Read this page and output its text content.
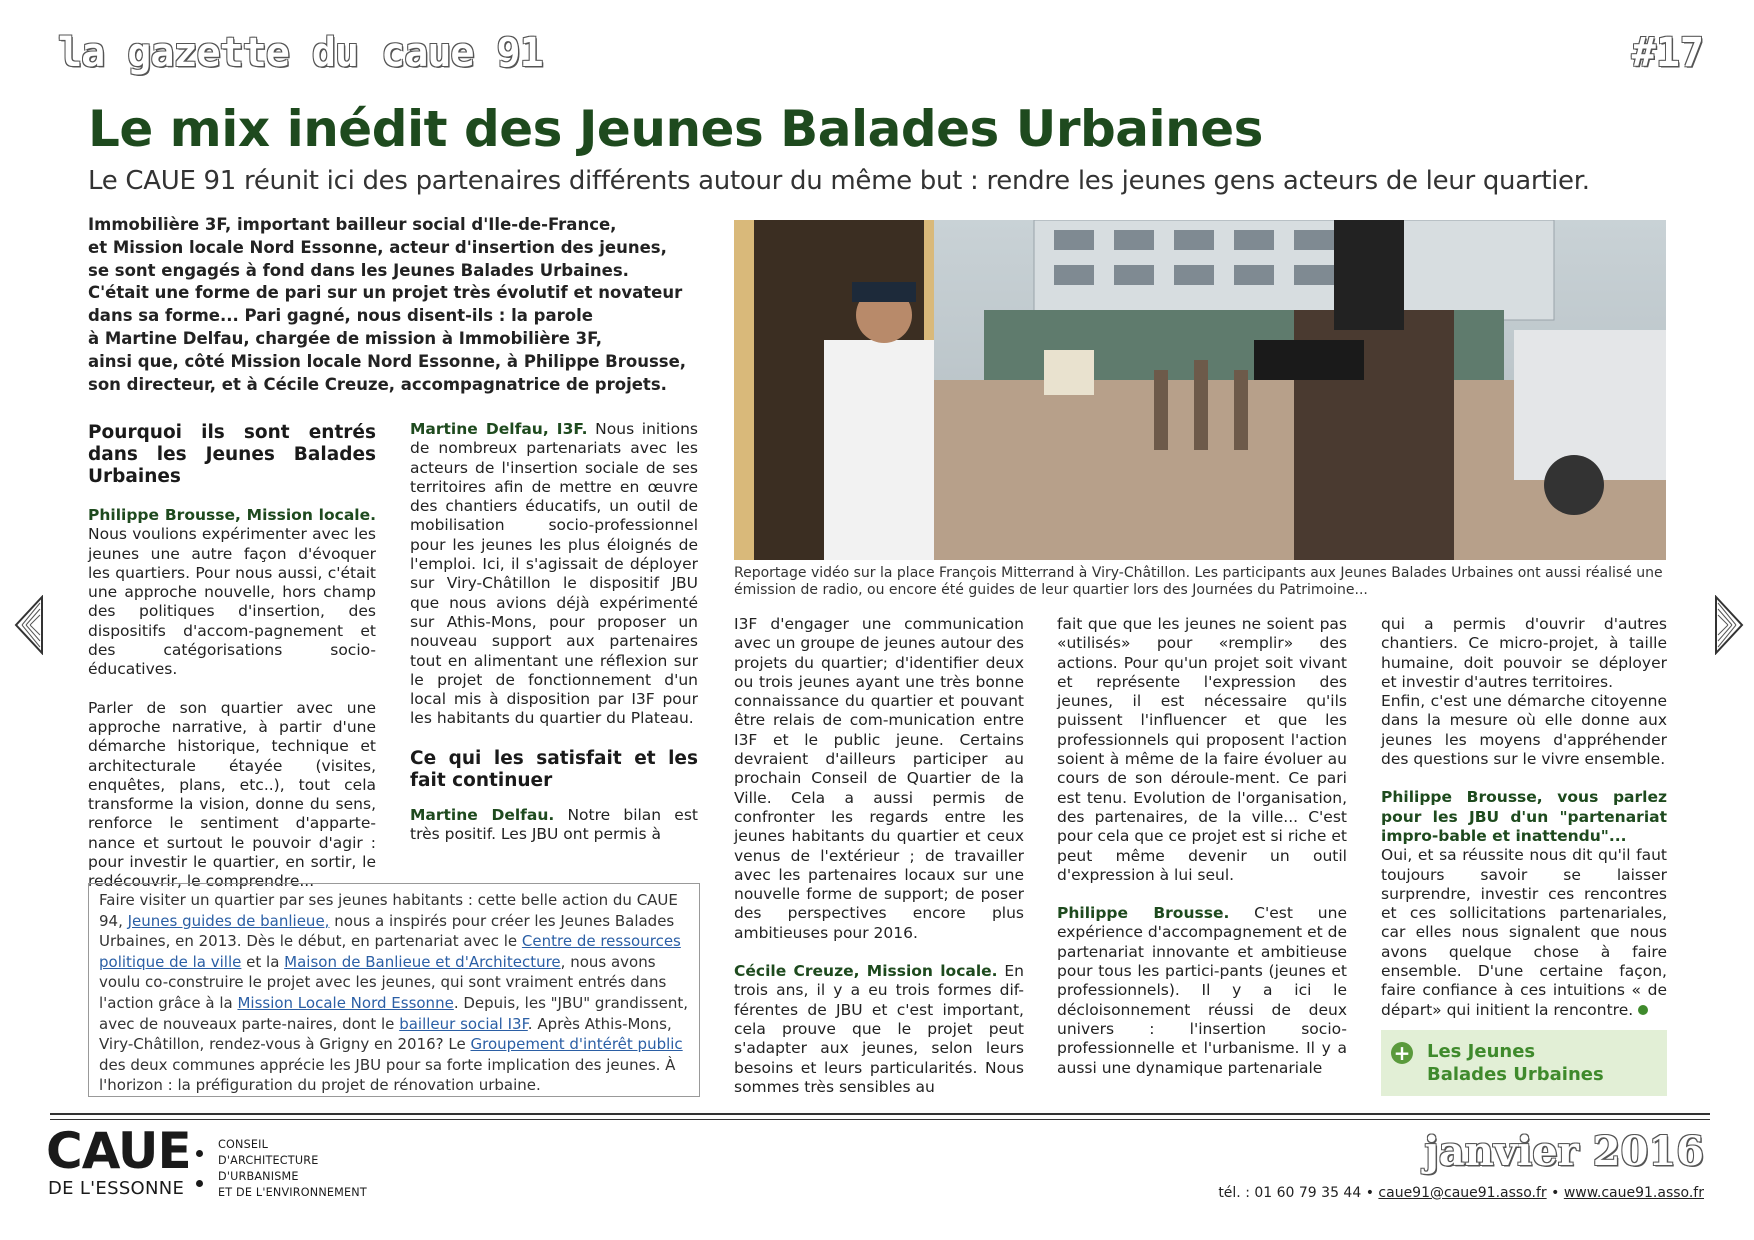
la gazette du caue 91	#17
Le mix inédit des Jeunes Balades Urbaines
Le CAUE 91 réunit ici des partenaires différents autour du même but : rendre les jeunes gens acteurs de leur quartier.
Immobilière 3F, important bailleur social d'Ile-de-France,
et Mission locale Nord Essonne, acteur d'insertion des jeunes,
se sont engagés à fond dans les Jeunes Balades Urbaines.
C'était une forme de pari sur un projet très évolutif et novateur
dans sa forme... Pari gagné, nous disent-ils : la parole
à Martine Delfau, chargée de mission à Immobilière 3F,
ainsi que, côté Mission locale Nord Essonne, à Philippe Brousse,
son directeur, et à Cécile Creuze, accompagnatrice de projets.
Pourquoi ils sont entrés dans les Jeunes Balades Urbaines

Philippe Brousse, Mission locale. Nous voulions expérimenter avec les jeunes une autre façon d'évoquer les quartiers. Pour nous aussi, c'était une approche nouvelle, hors champ des politiques d'insertion, des dispositifs d'accom-pagnement et des catégorisations socio-éducatives.

Parler de son quartier avec une approche narrative, à partir d'une démarche historique, technique et architecturale étayée (visites, enquêtes, plans, etc..), tout cela transforme la vision, donne du sens, renforce le sentiment d'apparte-nance et surtout le pouvoir d'agir : pour investir le quartier, en sortir, le redécouvrir, le comprendre...

Martine Delfau, I3F. Nous initions de nombreux partenariats avec les acteurs de l'insertion sociale de ses territoires afin de mettre en œuvre des chantiers éducatifs, un outil de mobilisation socio-professionnel pour les jeunes les plus éloignés de l'emploi. Ici, il s'agissait de déployer sur Viry-Châtillon le dispositif JBU que nous avions déjà expérimenté sur Athis-Mons, pour proposer un nouveau support aux partenaires tout en alimentant une réflexion sur le projet de fonctionnement d'un local mis à disposition par I3F pour les habitants du quartier du Plateau.

Ce qui les satisfait et les fait continuer

Martine Delfau. Notre bilan est très positif. Les JBU ont permis à

Reportage vidéo sur la place François Mitterrand à Viry-Châtillon. Les participants aux Jeunes Balades Urbaines ont aussi réalisé une émission de radio, ou encore été guides de leur quartier lors des Journées du Patrimoine...

I3F d'engager une communication avec un groupe de jeunes autour des projets du quartier; d'identifier deux ou trois jeunes ayant une très bonne connaissance du quartier et pouvant être relais de com-munication entre I3F et le public jeune. Certains devraient d'ailleurs participer au prochain Conseil de Quartier de la Ville. Cela a aussi permis de confronter les regards entre les jeunes habitants du quartier et ceux venus de l'extérieur ; de travailler avec les partenaires locaux sur une nouvelle forme de support; de poser des perspectives encore plus ambitieuses pour 2016.

Cécile Creuze, Mission locale. En trois ans, il y a eu trois formes dif-férentes de JBU et c'est important, cela prouve que le projet peut s'adapter aux jeunes, selon leurs besoins et leurs particularités. Nous sommes très sensibles au

fait que que les jeunes ne soient pas «utilisés» pour «remplir» des actions. Pour qu'un projet soit vivant et représente l'expression des jeunes, il est nécessaire qu'ils puissent l'influencer et que les professionnels qui proposent l'action soient à même de la faire évoluer au cours de son déroule-ment. Ce pari est tenu. Evolution de l'organisation, des partenaires, de la ville... C'est pour cela que ce projet est si riche et peut même devenir un outil d'expression à lui seul.

Philippe Brousse. C'est une expérience d'accompagnement et de partenariat innovante et ambitieuse pour tous les partici-pants (jeunes et professionnels). Il y a ici le décloisonnement réussi de deux univers : l'insertion socio-professionnelle et l'urbanisme. Il y a aussi une dynamique partenariale

qui a permis d'ouvrir d'autres chantiers. Ce micro-projet, à taille humaine, doit pouvoir se déployer et investir d'autres territoires.

Enfin, c'est une démarche citoyenne dans la mesure où elle donne aux jeunes les moyens d'appréhender des questions sur le vivre ensemble.

Philippe Brousse, vous parlez pour les JBU d'un "partenariat impro-bable et inattendu"...

Oui, et sa réussite nous dit qu'il faut toujours savoir se laisser surprendre, investir ces rencontres et ces sollicitations partenariales, car elles nous signalent que nous avons quelque chose à faire ensemble. D'une certaine façon, faire confiance à ces intuitions « de départ» qui initient la rencontre.

Faire visiter un quartier par ses jeunes habitants : cette belle action du CAUE 94, Jeunes guides de banlieue, nous a inspirés pour créer les Jeunes Balades Urbaines, en 2013. Dès le début, en partenariat avec le Centre de ressources politique de la ville et la Maison de Banlieue et d'Architecture, nous avons voulu co-construire le projet avec les jeunes, qui sont vraiment entrés dans l'action grâce à la Mission Locale Nord Essonne. Depuis, les "JBU" grandissent, avec de nouveaux parte-naires, dont le bailleur social I3F. Après Athis-Mons, Viry-Châtillon, rendez-vous à Grigny en 2016? Le Groupement d'intérêt public des deux communes apprécie les JBU pour sa forte implication des jeunes. À l'horizon : la préfiguration du projet de rénovation urbaine.
+ Les Jeunes
Balades Urbaines
CAUE
DE L'ESSONNE
CONSEIL
D'ARCHITECTURE
D'URBANISME
ET DE L'ENVIRONNEMENT
janvier 2016
tél. : 01 60 79 35 44 • caue91@caue91.asso.fr • www.caue91.asso.fr
